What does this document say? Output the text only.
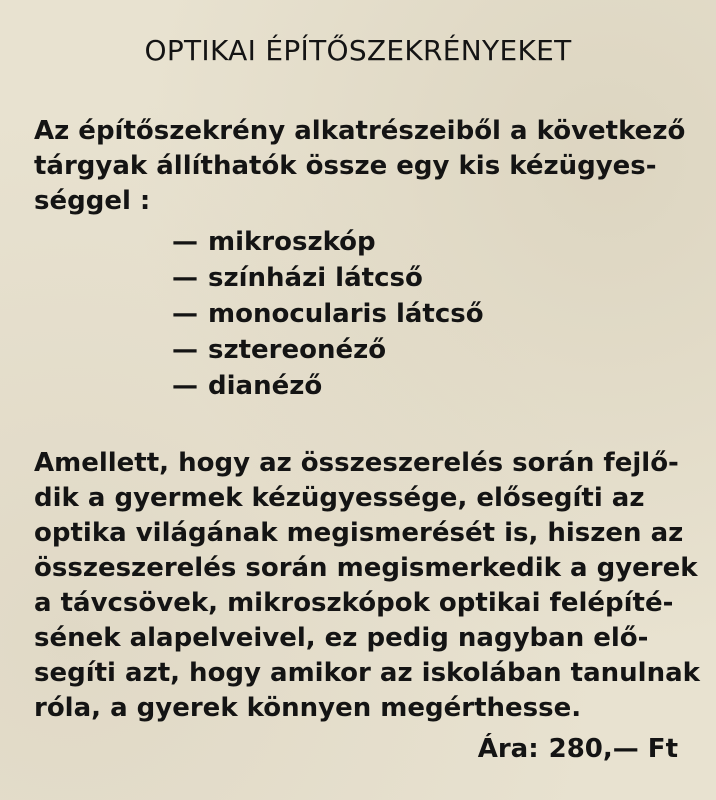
OPTIKAI ÉPÍTŐSZEKRÉNYEKET
Az építőszekrény alkatrészeiből a következő
tárgyak állíthatók össze egy kis kézügyes-
séggel :
— mikroszkóp
— színházi látcső
— monocularis látcső
— sztereonéző
— dianéző
Amellett, hogy az összeszerelés során fejlő-
dik a gyermek kézügyessége, elősegíti az
optika világának megismerését is, hiszen az
összeszerelés során megismerkedik a gyerek
a távcsövek, mikroszkópok optikai felépíté-
sének alapelveivel, ez pedig nagyban elő-
segíti azt, hogy amikor az iskolában tanulnak
róla, a gyerek könnyen megérthesse.
Ára: 280,— Ft
